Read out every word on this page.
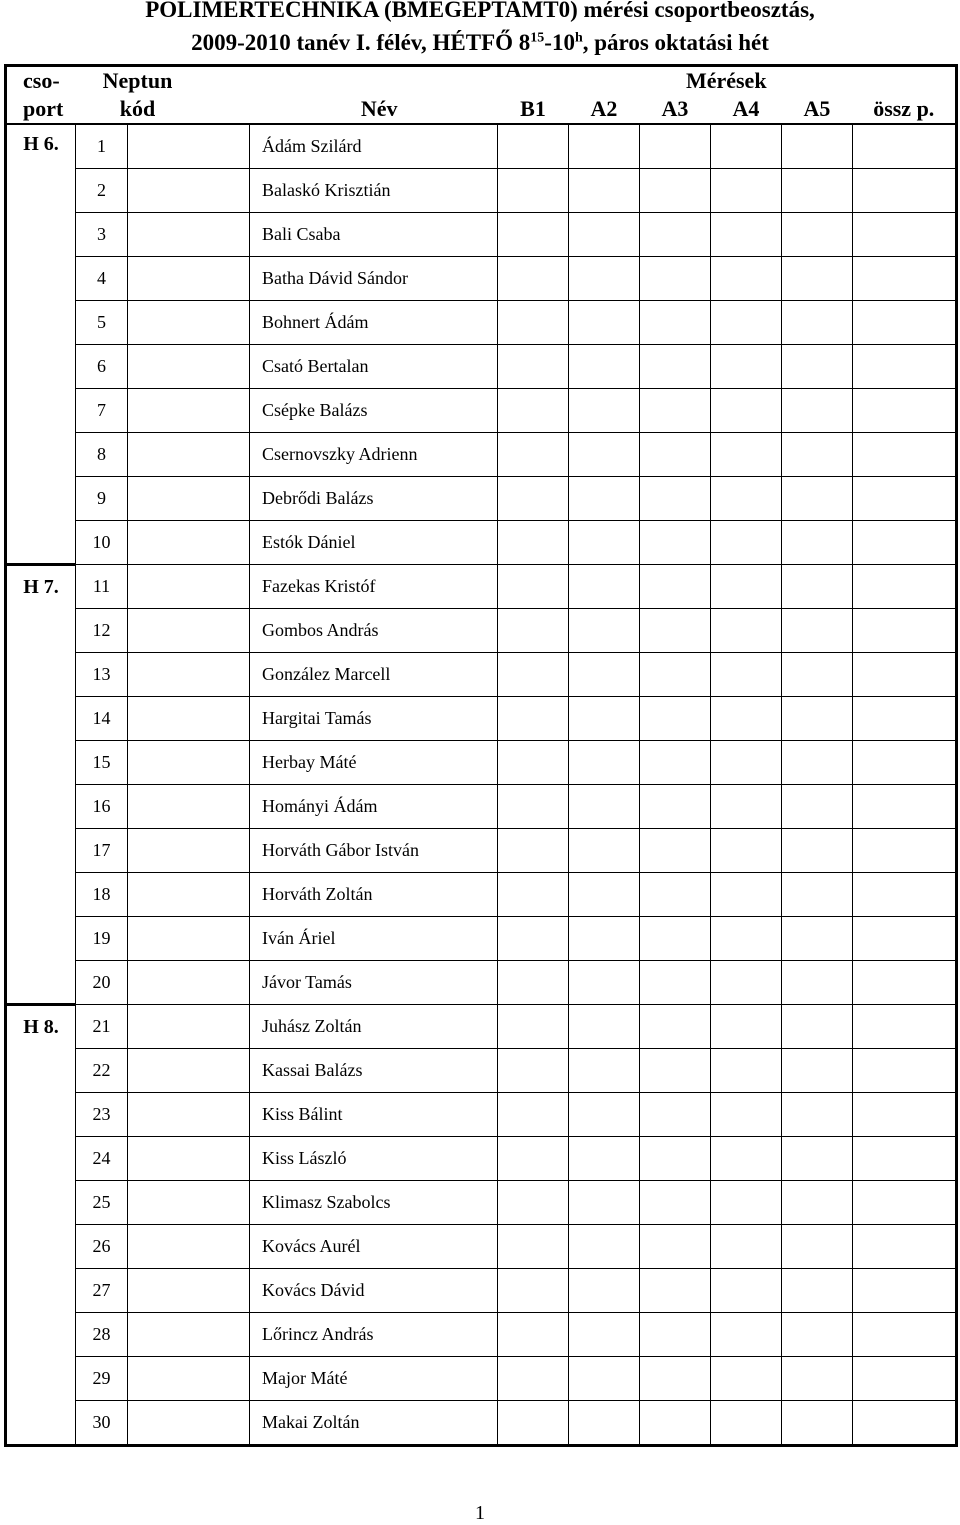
POLIMERTECHNIKA (BMEGEPTAMT0) mérési csoportbeosztás,
2009-2010 tanév I. félév, HÉTFŐ $8^{15}-10^h$, páros oktatási hét
cso-	Neptun			Mérések					
port	kód		Név	B1	A2	A3	A4	A5	össz p.
H 6.	1		Ádám Szilárd						
	2		Balaskó Krisztián						
	3		Bali Csaba						
	4		Batha Dávid Sándor						
	5		Bohnert Ádám						
	6		Csató Bertalan						
	7		Csépke Balázs						
	8		Csernovszky Adrienn						
	9		Debrődi Balázs						
	10		Estók Dániel						
H 7.	11		Fazekas Kristóf						
	12		Gombos András						
	13		González Marcell						
	14		Hargitai Tamás						
	15		Herbay Máté						
	16		Hományi Ádám						
	17		Horváth Gábor István						
	18		Horváth Zoltán						
	19		Iván Áriel						
	20		Jávor Tamás						
H 8.	21		Juhász Zoltán						
	22		Kassai Balázs						
	23		Kiss Bálint						
	24		Kiss László						
	25		Klimasz Szabolcs						
	26		Kovács Aurél						
	27		Kovács Dávid						
	28		Lőrincz András						
	29		Major Máté						
	30		Makai Zoltán						
1
